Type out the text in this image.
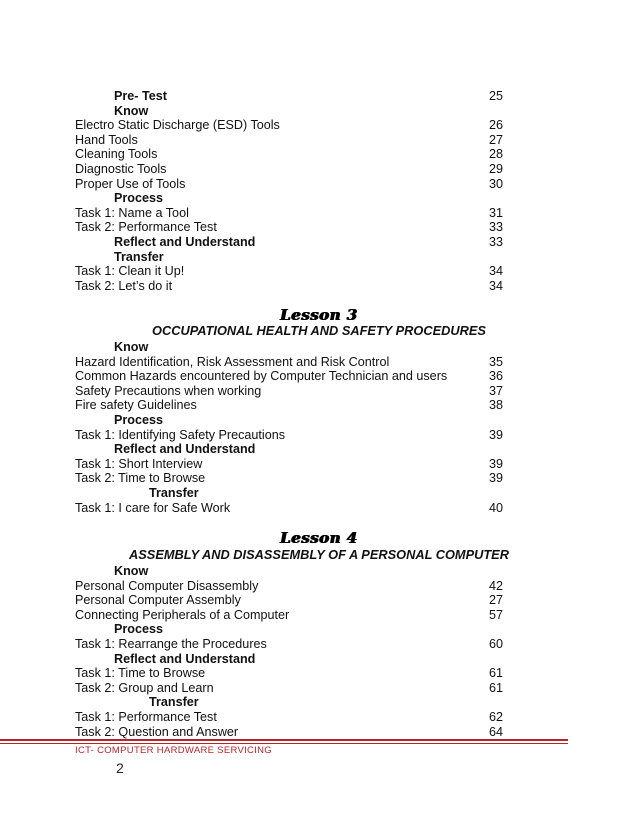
Pre- Test	25
Know
Electro Static Discharge (ESD) Tools	26
Hand Tools	27
Cleaning Tools	28
Diagnostic Tools	29
Proper Use of Tools	30
Process
Task 1: Name a Tool	31
Task 2: Performance Test	33
Reflect and Understand	33
Transfer
Task 1: Clean it Up!	34
Task 2: Let’s do it	34
Know
Hazard Identification, Risk Assessment and Risk Control	35
Common Hazards encountered by Computer Technician and users	36
Safety Precautions when working	37
Fire safety Guidelines	38
Process
Task 1: Identifying Safety Precautions	39
Reflect and Understand
Task 1: Short Interview	39
Task 2: Time to Browse	39
Transfer
Task 1: I care for Safe Work	40
Know
Personal Computer Disassembly	42
Personal Computer Assembly	27
Connecting Peripherals of a Computer	57
Process
Task 1: Rearrange the Procedures	60
Reflect and Understand
Task 1: Time to Browse	61
Task 2: Group and Learn	61
Transfer
Task 1: Performance Test	62
Task 2: Question and Answer	64
Lesson 3
OCCUPATIONAL HEALTH AND SAFETY PROCEDURES
Lesson 4
ASSEMBLY AND DISASSEMBLY OF A PERSONAL COMPUTER
ICT- COMPUTER HARDWARE SERVICING
2
